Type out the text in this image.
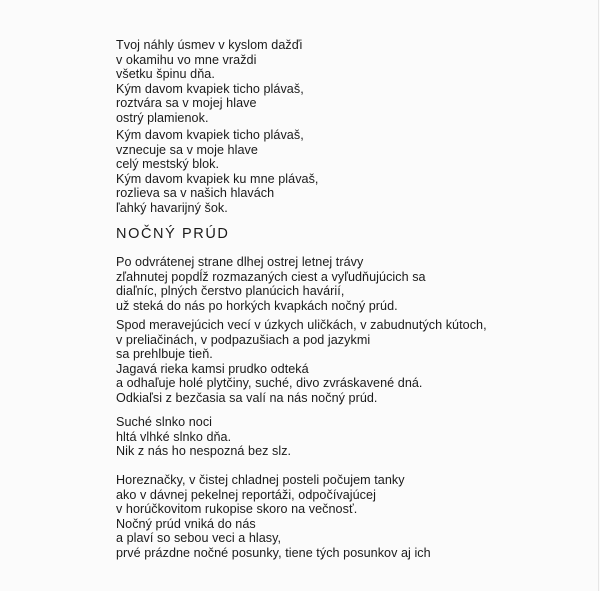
Tvoj náhly úsmev v kyslom dažďi
v okamihu vo mne vraždi
všetku špinu dňa.
Kým davom kvapiek ticho plávaš,
roztvára sa v mojej hlave
ostrý plamienok.
Kým davom kvapiek ticho plávaš,
vznecuje sa v moje hlave
celý mestský blok.
Kým davom kvapiek ku mne plávaš,
rozlieva sa v našich hlavách
ľahký havarijný šok.
NOČNÝ PRÚD
Po odvrátenej strane dlhej ostrej letnej trávy
zľahnutej popdĺž rozmazaných ciest a vyľudňujúcich sa
diaľníc, plných čerstvo planúcich havárií,
už steká do nás po horkých kvapkách nočný prúd.
Spod meravejúcich vecí v úzkych uličkách, v zabudnutých kútoch,
v preliačinách, v podpazušiach a pod jazykmi
sa prehlbuje tieň.
Jagavá rieka kamsi prudko odteká
a odhaľuje holé plytčiny, suché, divo zvráskavené dná.
Odkiaľsi z bezčasia sa valí na nás nočný prúd.
Suché slnko noci
hltá vlhké slnko dňa.
Nik z nás ho nespozná bez slz.
Horeznačky, v čistej chladnej posteli počujem tanky
ako v dávnej pekelnej reportáži, odpočívajúcej
v horúčkovitom rukopise skoro na večnosť.
Nočný prúd vniká do nás
a plaví so sebou veci a hlasy,
prvé prázdne nočné posunky, tiene tých posunkov aj ich
